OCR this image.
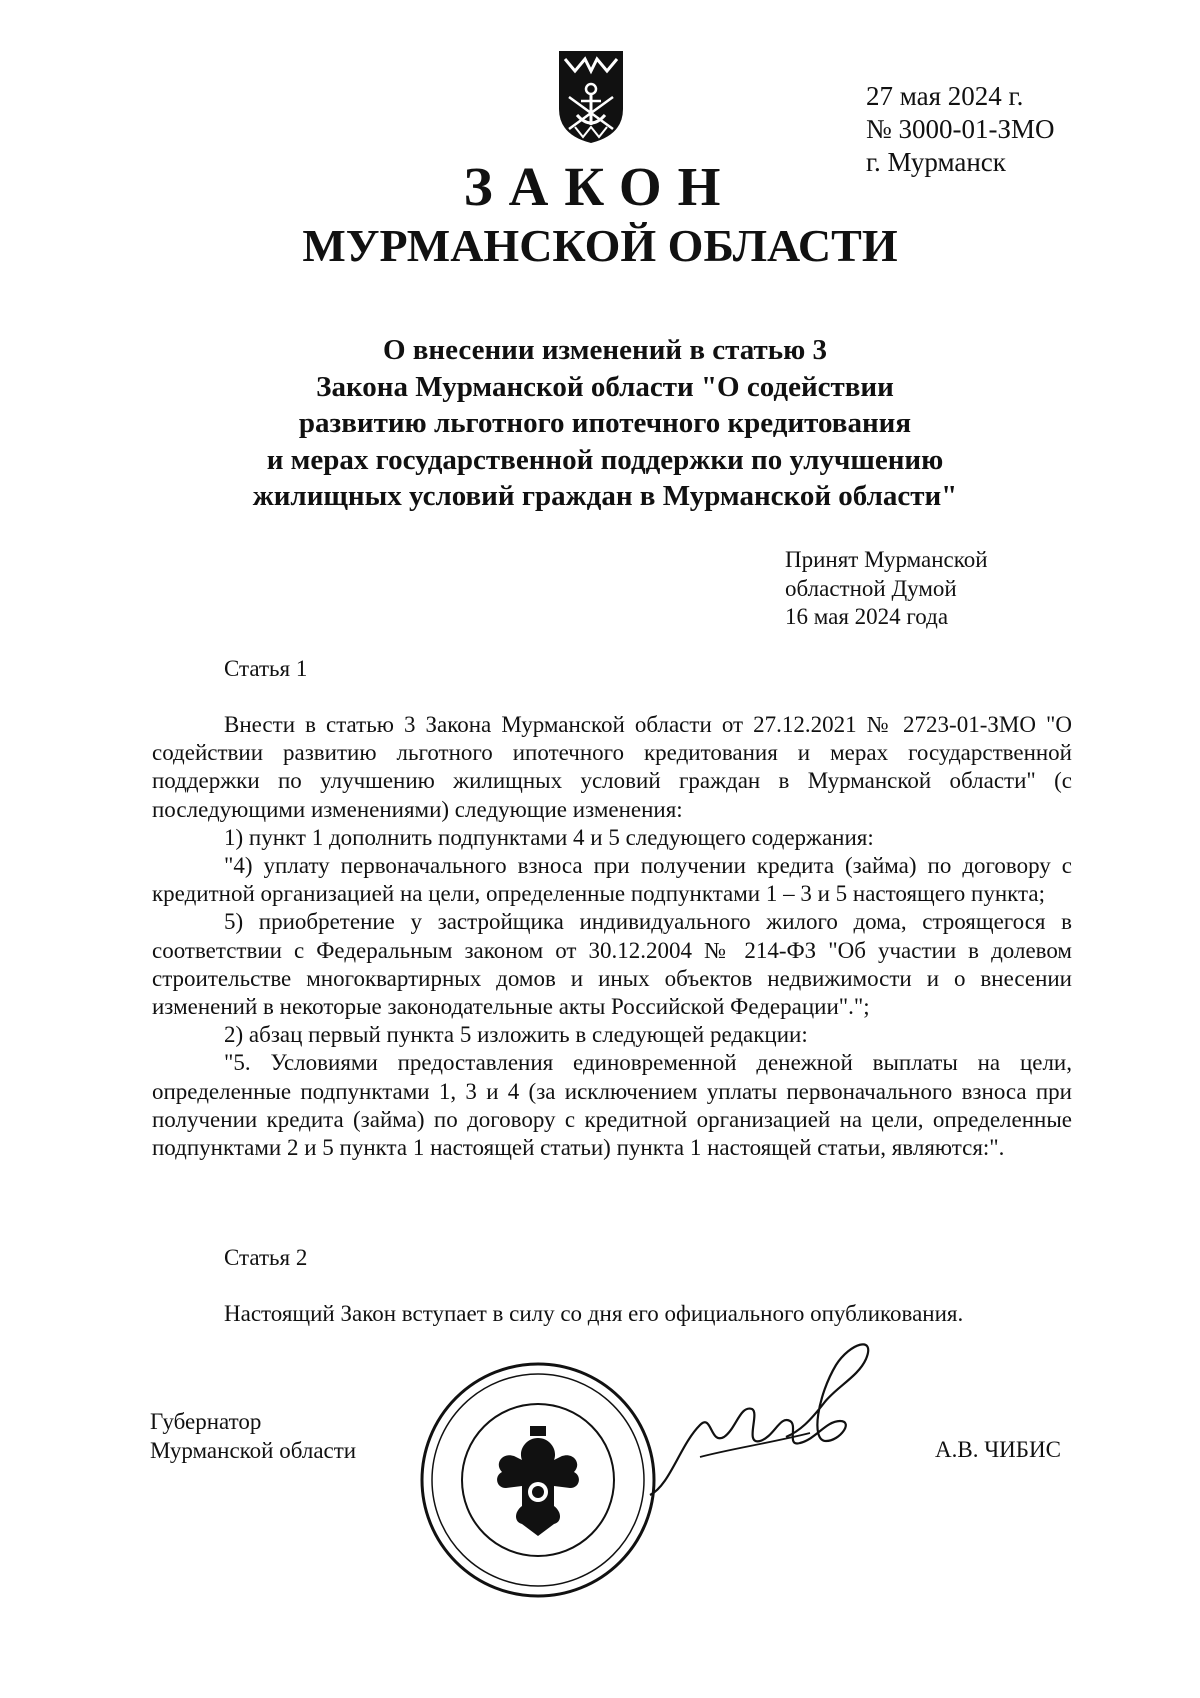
27 мая 2024 г.
№ 3000-01-ЗМО
г. Мурманск
ЗАКОН
МУРМАНСКОЙ ОБЛАСТИ
О внесении изменений в статью 3
Закона Мурманской области "О содействии
развитию льготного ипотечного кредитования
и мерах государственной поддержки по улучшению
жилищных условий граждан в Мурманской области"
Принят Мурманской
областной Думой
16 мая 2024 года
Статья 1

Внести в статью 3 Закона Мурманской области от 27.12.2021 № 2723-01-ЗМО "О содействии развитию льготного ипотечного кредитования и мерах государственной поддержки по улучшению жилищных условий граждан в Мурманской области" (с последующими изменениями) следующие изменения:

1) пункт 1 дополнить подпунктами 4 и 5 следующего содержания:

"4) уплату первоначального взноса при получении кредита (займа) по договору с кредитной организацией на цели, определенные подпунктами 1 – 3 и 5 настоящего пункта;

5) приобретение у застройщика индивидуального жилого дома, строящегося в соответствии с Федеральным законом от 30.12.2004 № 214-ФЗ "Об участии в долевом строительстве многоквартирных домов и иных объектов недвижимости и о внесении изменений в некоторые законодательные акты Российской Федерации".";

2) абзац первый пункта 5 изложить в следующей редакции:

"5. Условиями предоставления единовременной денежной выплаты на цели, определенные подпунктами 1, 3 и 4 (за исключением уплаты первоначального взноса при получении кредита (займа) по договору с кредитной организацией на цели, определенные подпунктами 2 и 5 пункта 1 настоящей статьи) пункта 1 настоящей статьи, являются:".

Статья 2

Настоящий Закон вступает в силу со дня его официального опубликования.

Губернатор
Мурманской области	А.В. ЧИБИС
